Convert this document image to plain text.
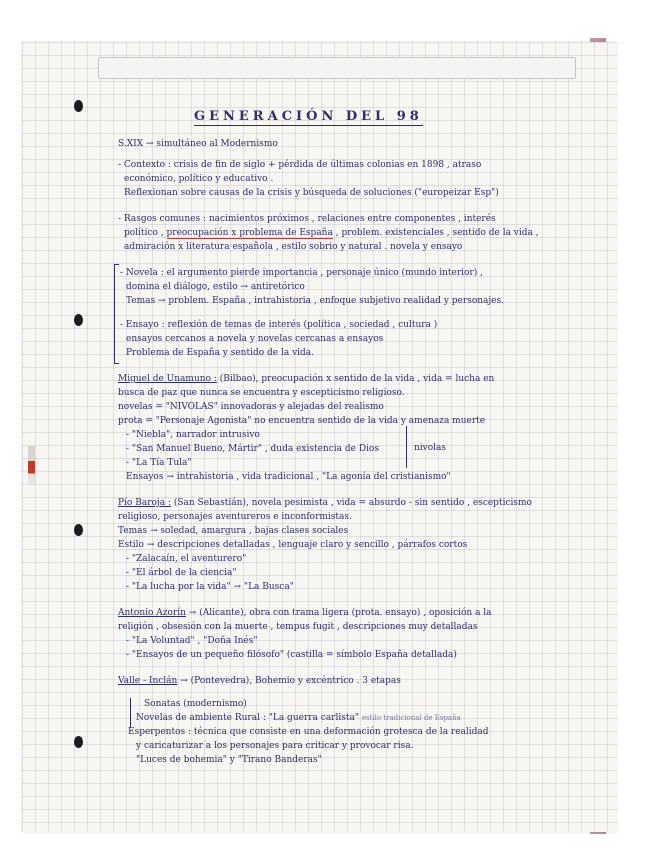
GENERACIÓN DEL 98
S.XIX → simultáneo al Modernismo
- Contexto : crisis de fin de siglo + pérdida de últimas colonias en 1898 , atraso
económico, político y educativo .
Reflexionan sobre causas de la crisis y búsqueda de soluciones ("europeizar Esp")
- Rasgos comunes : nacimientos próximos , relaciones entre componentes , interés
político , preocupación x problema de España , problem. existenciales , sentido de la vida ,
admiración x literatura española , estilo sobrio y natural . novela y ensayo
- Novela : el argumento pierde importancia , personaje único (mundo interior) ,
domina el diálogo, estilo → antiretórico
Temas → problem. España , intrahistoria , enfoque subjetivo realidad y personajes.
- Ensayo : reflexión de temas de interés (política , sociedad , cultura )
ensayos cercanos a novela y novelas cercanas a ensayos
Problema de España y sentido de la vida.
Miguel de Unamuno : (Bilbao), preocupación x sentido de la vida , vida = lucha en
busca de paz que nunca se encuentra y escepticismo religioso.
novelas = "NIVOLAS" innovadoras y alejadas del realismo
prota = "Personaje Agonista" no encuentra sentido de la vida y amenaza muerte
- "Niebla", narrador intrusivo
- "San Manuel Bueno, Mártir" , duda existencia de Dios
- "La Tía Tula"
nivolas
Ensayos → intrahistoria , vida tradicional , "La agonía del cristianismo"
Pío Baroja : (San Sebastián), novela pesimista , vida = absurdo - sin sentido , escepticismo
religioso, personajes aventureros e inconformistas.
Temas → soledad, amargura , bajas clases sociales
Estilo → descripciones detalladas , lenguaje claro y sencillo , párrafos cortos
- "Zalacaín, el aventurero"
- "El árbol de la ciencia"
- "La lucha por la vida" → "La Busca"
Antonio Azorín → (Alicante), obra con trama ligera (prota. ensayo) , oposición a la
religión , obsesión con la muerte , tempus fugit , descripciones muy detalladas
- "La Voluntad" , "Doña Inés"
- "Ensayos de un pequeño filósofo" (castilla = símbolo España detallada)
Valle - Inclán → (Pontevedra), Bohemio y excéntrico . 3 etapas
Sonatas (modernismo)
Novelas de ambiente Rural : "La guerra carlista" estilo tradicional de España
Esperpentos : técnica que consiste en una deformación grotesca de la realidad
y caricaturizar a los personajes para criticar y provocar risa.
"Luces de bohemia" y "Tirano Banderas"
